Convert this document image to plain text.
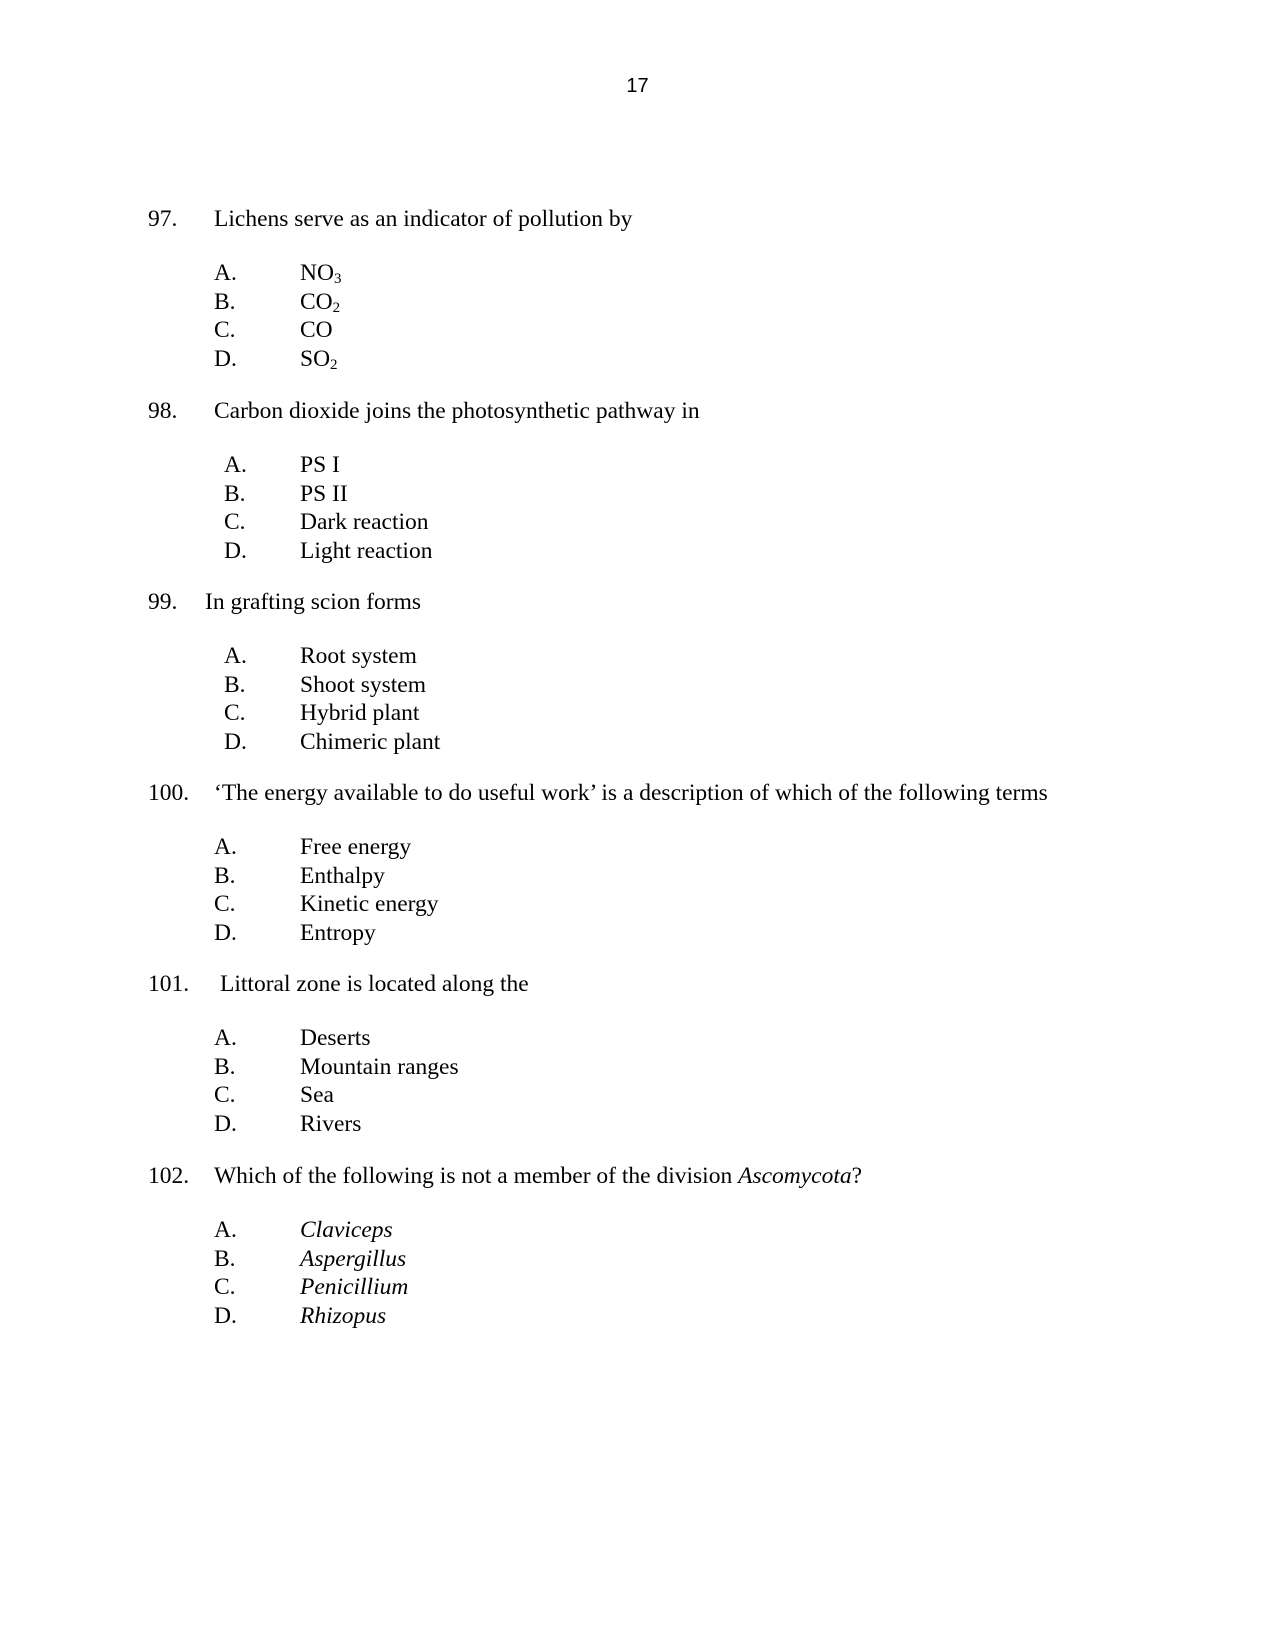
17
97. Lichens serve as an indicator of pollution by
A.	$NO_3$
B.	$CO_2$
C.	CO
D.	$SO_2$
98. Carbon dioxide joins the photosynthetic pathway in
A. PS I
B. PS II
C. Dark reaction
D. Light reaction
99. In grafting scion forms
A. Root system
B. Shoot system
C. Hybrid plant
D. Chimeric plant
100. ‘The energy available to do useful work’ is a description of which of the following terms
A.	Free energy
B.	Enthalpy
C.	Kinetic energy
D.	Entropy
101. Littoral zone is located along the
A.	Deserts
B.	Mountain ranges
C.	Sea
D.	Rivers
102. Which of the following is not a member of the division Ascomycota?
A.	Claviceps
B.	Aspergillus
C.	Penicillium
D.	Rhizopus
